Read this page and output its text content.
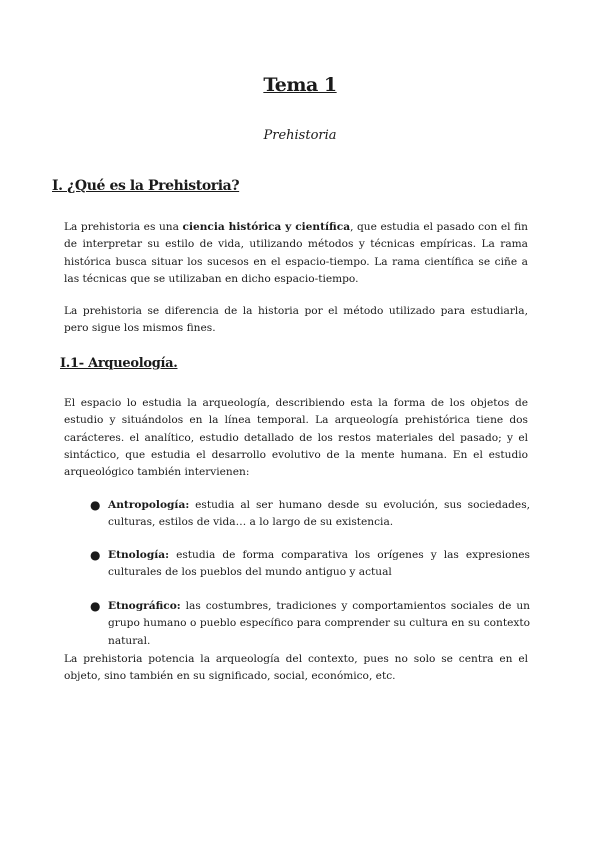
Tema 1
Prehistoria
I. ¿Qué es la Prehistoria?
La prehistoria es una ciencia histórica y científica, que estudia el pasado con el fin de interpretar su estilo de vida, utilizando métodos y técnicas empíricas. La rama histórica busca situar los sucesos en el espacio-tiempo. La rama científica se ciñe a las técnicas que se utilizaban en dicho espacio-tiempo.
La prehistoria se diferencia de la historia por el método utilizado para estudiarla, pero sigue los mismos fines.
I.1- Arqueología.
El espacio lo estudia la arqueología, describiendo esta la forma de los objetos de estudio y situándolos en la línea temporal. La arqueología prehistórica tiene dos carácteres. el analítico, estudio detallado de los restos materiales del pasado; y el sintáctico, que estudia el desarrollo evolutivo de la mente humana. En el estudio arqueológico también intervienen:
● Antropología: estudia al ser humano desde su evolución, sus sociedades, culturas, estilos de vida… a lo largo de su existencia.
● Etnología: estudia de forma comparativa los orígenes y las expresiones culturales de los pueblos del mundo antiguo y actual
● Etnográfico: las costumbres, tradiciones y comportamientos sociales de un grupo humano o pueblo específico para comprender su cultura en su contexto natural.
La prehistoria potencia la arqueología del contexto, pues no solo se centra en el objeto, sino también en su significado, social, económico, etc.
